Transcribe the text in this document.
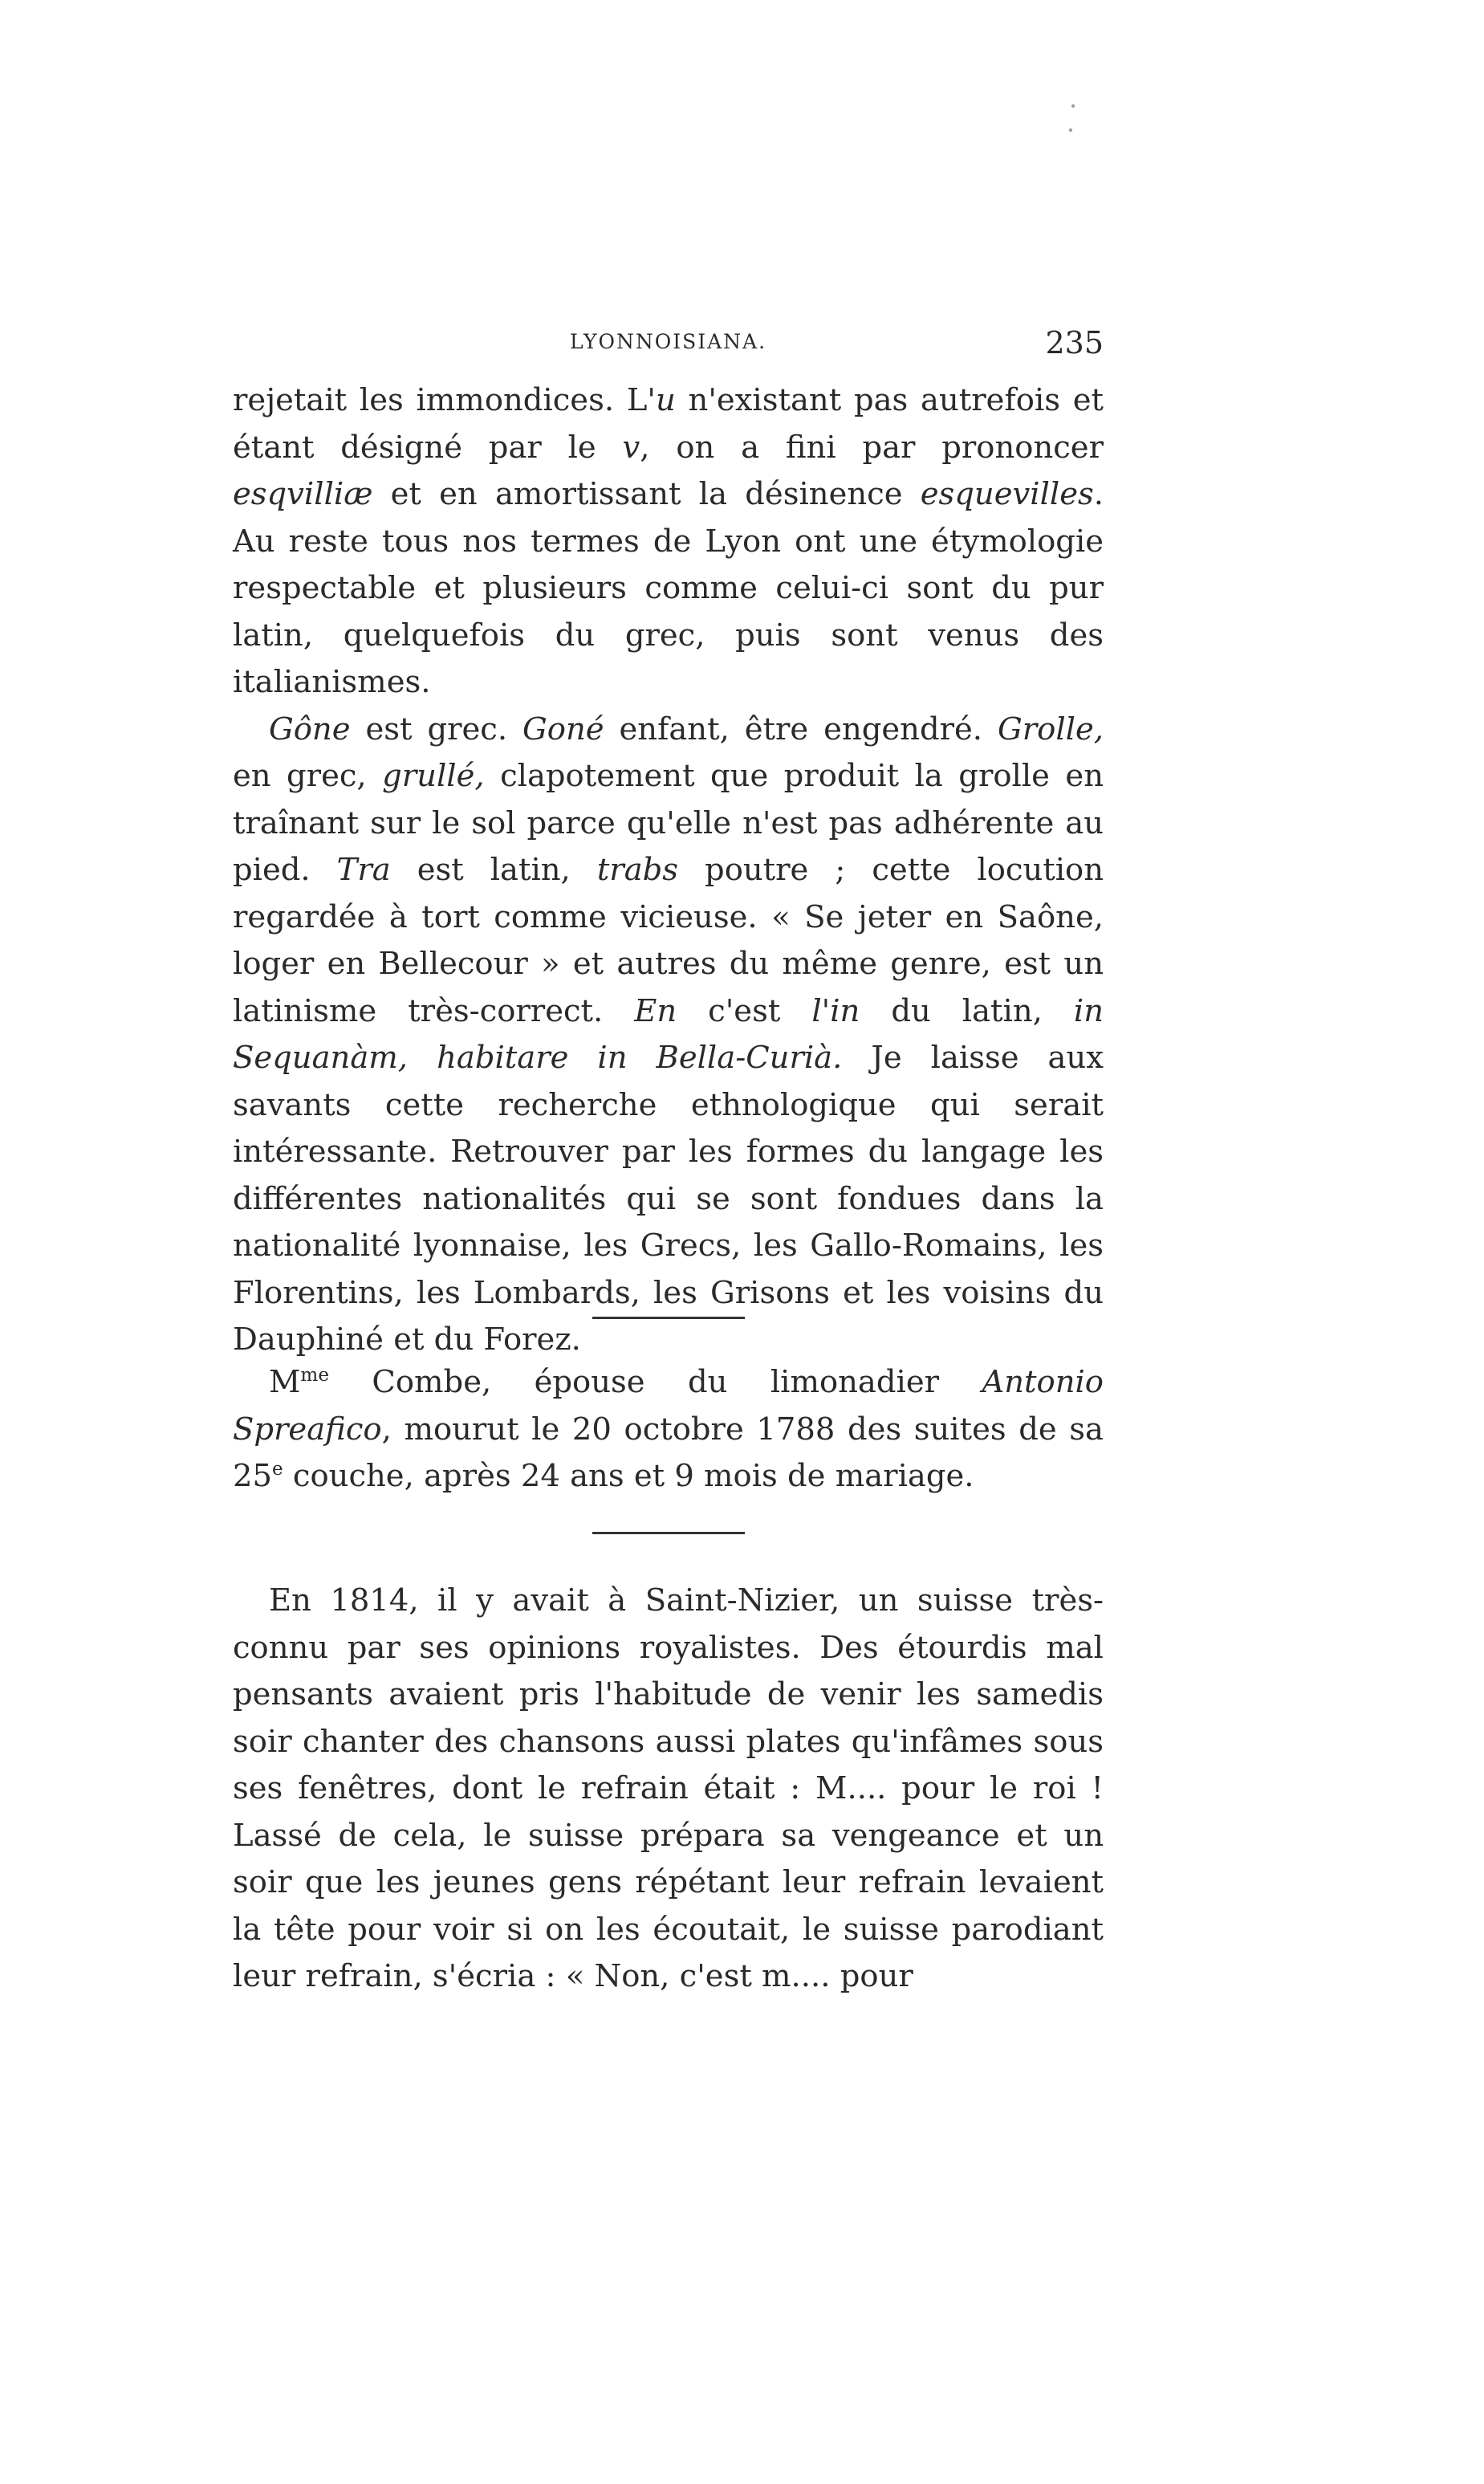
LYONNOISIANA.	235

rejetait les immondices. L'u n'existant pas autrefois et étant désigné par le v, on a fini par prononcer esqvilliæ et en amortissant la désinence esquevilles. Au reste tous nos termes de Lyon ont une étymologie respectable et plusieurs comme celui-ci sont du pur latin, quelquefois du grec, puis sont venus des italianismes.

Gône est grec. Goné enfant, être engendré. Grolle, en grec, grullé, clapotement que produit la grolle en traînant sur le sol parce qu'elle n'est pas adhérente au pied. Tra est latin, trabs poutre ; cette locution regardée à tort comme vicieuse. « Se jeter en Saône, loger en Bellecour » et autres du même genre, est un latinisme très-correct. En c'est l'in du latin, in Sequanàm, habitare in Bella-Curià. Je laisse aux savants cette recherche ethnologique qui serait intéressante. Retrouver par les formes du langage les différentes nationalités qui se sont fondues dans la nationalité lyonnaise, les Grecs, les Gallo-Romains, les Florentins, les Lombards, les Grisons et les voisins du Dauphiné et du Forez.

$M^{me}$ Combe, épouse du limonadier Antonio Spreafico, mourut le 20 octobre 1788 des suites de sa 25e couche, après 24 ans et 9 mois de mariage.

En 1814, il y avait à Saint-Nizier, un suisse très-connu par ses opinions royalistes. Des étourdis mal pensants avaient pris l'habitude de venir les samedis soir chanter des chansons aussi plates qu'infâmes sous ses fenêtres, dont le refrain était : M.... pour le roi ! Lassé de cela, le suisse prépara sa vengeance et un soir que les jeunes gens répétant leur refrain levaient la tête pour voir si on les écoutait, le suisse parodiant leur refrain, s'écria : « Non, c'est m.... pour
